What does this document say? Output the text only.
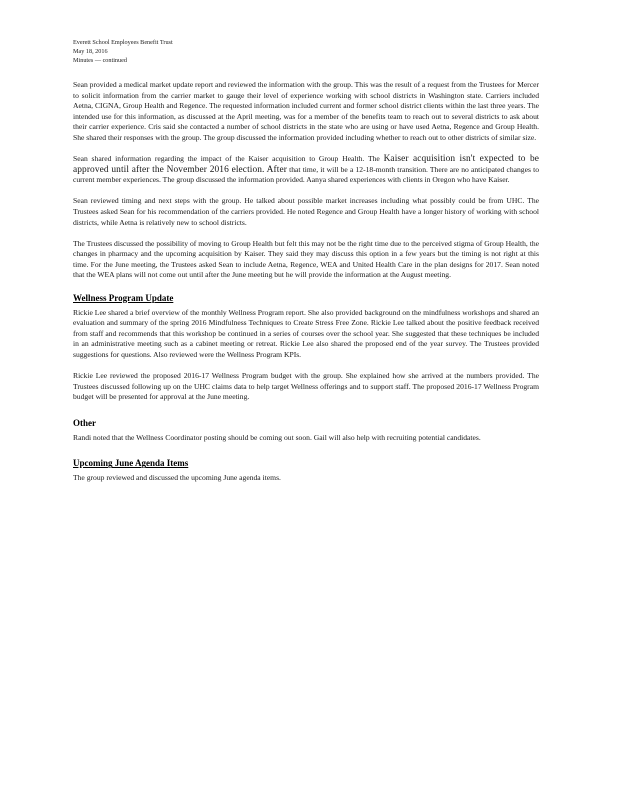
Everett School Employees Benefit Trust
May 18, 2016
Minutes — continued

Sean provided a medical market update report and reviewed the information with the group. This was the result of a request from the Trustees for Mercer to solicit information from the carrier market to gauge their level of experience working with school districts in Washington state. Carriers included Aetna, CIGNA, Group Health and Regence. The requested information included current and former school district clients within the last three years. The intended use for this information, as discussed at the April meeting, was for a member of the benefits team to reach out to several districts to ask about their carrier experience. Cris said she contacted a number of school districts in the state who are using or have used Aetna, Regence and Group Health. She shared their responses with the group. The group discussed the information provided including whether to reach out to other districts of similar size.

Sean shared information regarding the impact of the Kaiser acquisition to Group Health. The Kaiser acquisition isn't expected to be approved until after the November 2016 election. After that time, it will be a 12-18-month transition. There are no anticipated changes to current member experiences. The group discussed the information provided. Aanya shared experiences with clients in Oregon who have Kaiser.

Sean reviewed timing and next steps with the group. He talked about possible market increases including what possibly could be from UHC. The Trustees asked Sean for his recommendation of the carriers provided. He noted Regence and Group Health have a longer history of working with school districts, while Aetna is relatively new to school districts.

The Trustees discussed the possibility of moving to Group Health but felt this may not be the right time due to the perceived stigma of Group Health, the changes in pharmacy and the upcoming acquisition by Kaiser. They said they may discuss this option in a few years but the timing is not right at this time. For the June meeting, the Trustees asked Sean to include Aetna, Regence, WEA and United Health Care in the plan designs for 2017. Sean noted that the WEA plans will not come out until after the June meeting but he will provide the information at the August meeting.

Wellness Program Update

Rickie Lee shared a brief overview of the monthly Wellness Program report. She also provided background on the mindfulness workshops and shared an evaluation and summary of the spring 2016 Mindfulness Techniques to Create Stress Free Zone. Rickie Lee talked about the positive feedback received from staff and recommends that this workshop be continued in a series of courses over the school year. She suggested that these techniques be included in an administrative meeting such as a cabinet meeting or retreat. Rickie Lee also shared the proposed end of the year survey. The Trustees provided suggestions for questions. Also reviewed were the Wellness Program KPIs.

Rickie Lee reviewed the proposed 2016-17 Wellness Program budget with the group. She explained how she arrived at the numbers provided. The Trustees discussed following up on the UHC claims data to help target Wellness offerings and to support staff. The proposed 2016-17 Wellness Program budget will be presented for approval at the June meeting.

Other

Randi noted that the Wellness Coordinator posting should be coming out soon. Gail will also help with recruiting potential candidates.

Upcoming June Agenda Items

The group reviewed and discussed the upcoming June agenda items.
